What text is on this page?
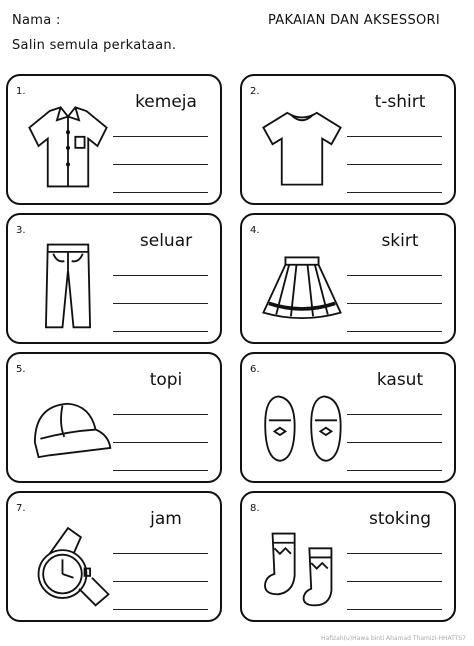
Nama :	PAKAIAN DAN AKSESSORI
Salin semula perkataan.
1.
kemeja
2.
t-shirt
3.
seluar
4.
skirt
5.
topi
6.
kasut
7.
jam
8.
stoking
Hafizah(u)Hawa binti Ahamad Thamizi-HHATTS7
